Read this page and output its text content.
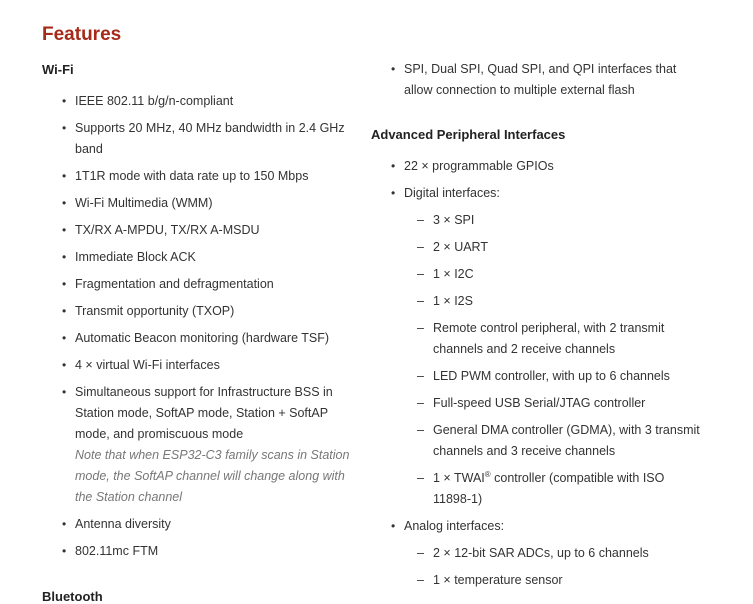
Features
Wi-Fi
• IEEE 802.11 b/g/n-compliant
• Supports 20 MHz, 40 MHz bandwidth in 2.4 GHz band
• 1T1R mode with data rate up to 150 Mbps
• Wi-Fi Multimedia (WMM)
• TX/RX A-MPDU, TX/RX A-MSDU
• Immediate Block ACK
• Fragmentation and defragmentation
• Transmit opportunity (TXOP)
• Automatic Beacon monitoring (hardware TSF)
• 4 × virtual Wi-Fi interfaces
• Simultaneous support for Infrastructure BSS in Station mode, SoftAP mode, Station + SoftAP mode, and promiscuous mode
Note that when ESP32-C3 family scans in Station mode, the SoftAP channel will change along with the Station channel
• Antenna diversity
• 802.11mc FTM
Bluetooth
• SPI, Dual SPI, Quad SPI, and QPI interfaces that allow connection to multiple external flash
Advanced Peripheral Interfaces
• 22 × programmable GPIOs
• Digital interfaces:
– 3 × SPI
– 2 × UART
– 1 × I2C
– 1 × I2S
– Remote control peripheral, with 2 transmit channels and 2 receive channels
– LED PWM controller, with up to 6 channels
– Full-speed USB Serial/JTAG controller
– General DMA controller (GDMA), with 3 transmit channels and 3 receive channels
– 1 × TWAI® controller (compatible with ISO 11898-1)
• Analog interfaces:
– 2 × 12-bit SAR ADCs, up to 6 channels
– 1 × temperature sensor
